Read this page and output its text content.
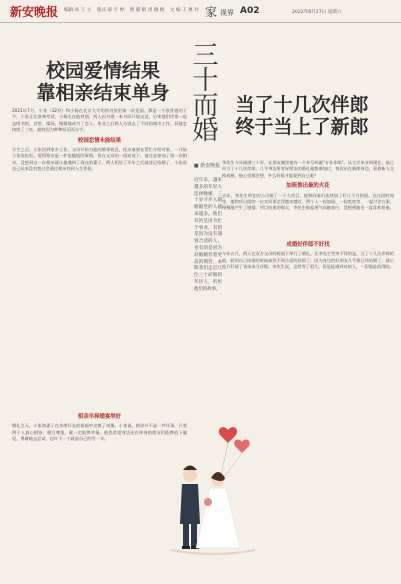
新安晚报 编辑 孙 王 主 版式 薛 宇 婷 照 暖 帆 周 晓 帆 文 编 王 惠 玲 家 视界 A02	2022年8月27日 星期六
校园爱情结果
靠相亲结束单身

2021年7月，小张（32岁）和小杨在北京大学的图书馆里第一次见面。那是一个很普通的下午，小张正在准备考试，小杨坐在他对面，两人因为借一本书而开始交谈。后来他们经常一起去图书馆、食堂、操场，慢慢地成为了恋人。毕业之后两人分别去了不同的城市工作，异地恋持续了三年，最终因为种种原因而分手。

校园恋情未能结果

分手之后，小张回到家乡工作，父母开始为他的婚事着急，托亲戚朋友帮忙介绍对象。一开始小张很抗拒，觉得相亲是一件很尴尬的事情，但在父母的一再劝说下，他还是参加了第一次相亲。没想到这一次相亲就让他遇到了现在的妻子。两人相处了半年之后就登记结婚了，小张说自己从来没有想过会通过相亲找到人生伴侣。

相亲早择婚宴举好

婚礼当天，小张和妻子在亲朋好友的祝福中交换了戒指。小张说，相亲并不是一件坏事，只要两个人真心相待，相互尊重，就一定能够幸福。他也希望身边还在单身的朋友们能够放下偏见，勇敢地去尝试，也许下一个就是自己的另一半。

三十而婚
■ 新安晚报
近年来，越来越多的年轻人选择晚婚，三十岁才步入婚姻殿堂的人越来越多。他们有的是因为忙于事业，有的是因为没有遇到合适的人，也有的是因为对婚姻有着更高的期待。本期我们走近几位三十而婚的年轻人，听听他们的故事。
当了十几次伴郎
终于当上了新郎

李先生今年刚满三十岁，在朋友圈里他有一个外号叫做"专业伴郎"。从大学毕业到现在，他已经当了十几次伴郎，几乎身边所有好朋友的婚礼他都参加过。每次站在新郎身边，看着新人交换戒指，他心里都会想，什么时候才能轮到自己呢？

加班推出最的火花

去年，李先生所在的公司接了一个大项目，他和同事们连续加了好几个月的班。在这段时间里，他和项目组的一位女同事走得越来越近。两个人一起加班、一起吃夜宵、一起讨论方案，慢慢地产生了感情。项目结束的那天，李先生鼓起勇气向她表白，没想到她也一直喜欢着他。

成婚好伴郎不好找

今年五月，两人在双方父母的祝福下举行了婚礼。让李先生哭笑不得的是，当了十几次伴郎的他，轮到自己结婚的时候却找不到合适的伴郎了，因为身边的好朋友几乎都已经结婚了。最后他只好请了表弟来当伴郎。李先生说，虽然等了很久，但是能遇到对的人，一切都是值得的。
